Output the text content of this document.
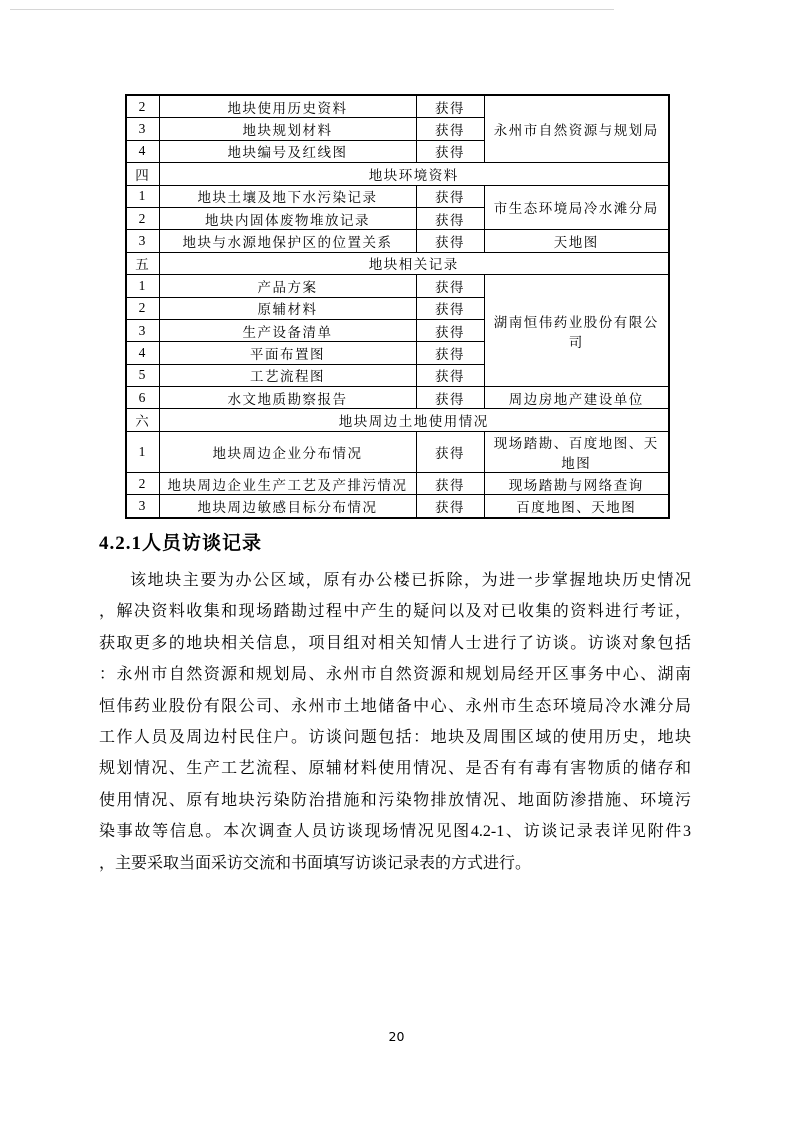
2	地块使用历史资料	获得	永州市自然资源与规划局
3	地块规划材料	获得	
4	地块编号及红线图	获得	
四	地块环境资料		
1	地块土壤及地下水污染记录	获得	市生态环境局冷水滩分局
2	地块内固体废物堆放记录	获得	
3	地块与水源地保护区的位置关系	获得	天地图
五	地块相关记录		
1	产品方案	获得	湖南恒伟药业股份有限公司
2	原辅材料	获得	
3	生产设备清单	获得	
4	平面布置图	获得	
5	工艺流程图	获得	
6	水文地质勘察报告	获得	周边房地产建设单位
六	地块周边土地使用情况		
1	地块周边企业分布情况	获得	现场踏勘、百度地图、天地图
2	地块周边企业生产工艺及产排污情况	获得	现场踏勘与网络查询
3	地块周边敏感目标分布情况	获得	百度地图、天地图
4.2.1人员访谈记录
该地块主要为办公区域，原有办公楼已拆除，为进一步掌握地块历史情况
，解决资料收集和现场踏勘过程中产生的疑问以及对已收集的资料进行考证，
获取更多的地块相关信息，项目组对相关知情人士进行了访谈。访谈对象包括
：永州市自然资源和规划局、永州市自然资源和规划局经开区事务中心、湖南
恒伟药业股份有限公司、永州市土地储备中心、永州市生态环境局冷水滩分局
工作人员及周边村民住户。访谈问题包括：地块及周围区域的使用历史，地块
规划情况、生产工艺流程、原辅材料使用情况、是否有有毒有害物质的储存和
使用情况、原有地块污染防治措施和污染物排放情况、地面防渗措施、环境污
染事故等信息。本次调查人员访谈现场情况见图4.2-1、访谈记录表详见附件3
，主要采取当面采访交流和书面填写访谈记录表的方式进行。
20
